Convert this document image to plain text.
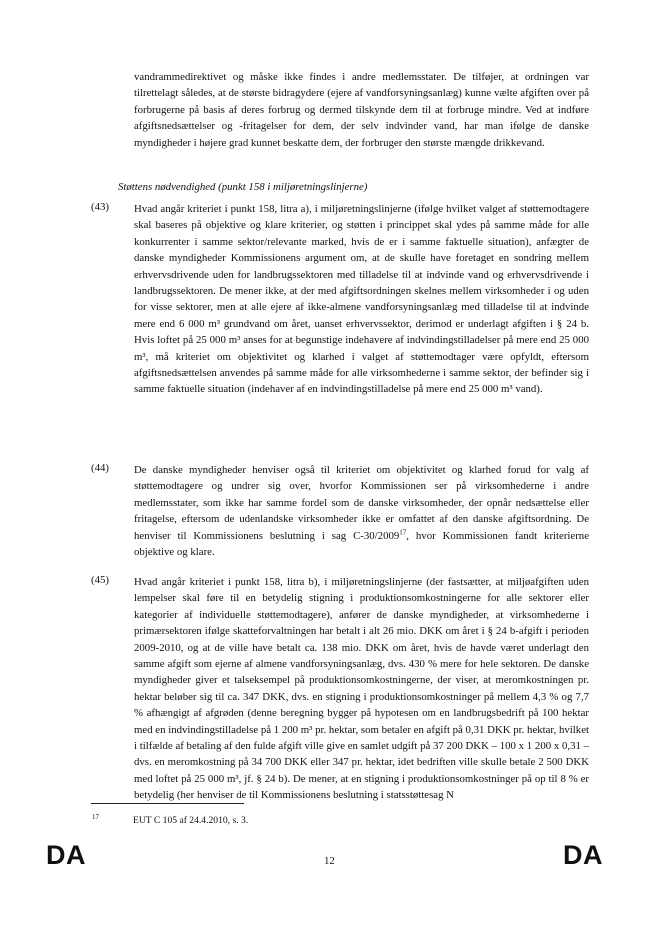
vandrammedirektivet og måske ikke findes i andre medlemsstater. De tilføjer, at ordningen var tilrettelagt således, at de største bidragydere (ejere af vandforsyningsanlæg) kunne vælte afgiften over på forbrugerne på basis af deres forbrug og dermed tilskynde dem til at forbruge mindre. Ved at indføre afgiftsnedsættelser og -fritagelser for dem, der selv indvinder vand, har man ifølge de danske myndigheder i højere grad kunnet beskatte dem, der forbruger den største mængde drikkevand.

Støttens nødvendighed (punkt 158 i miljøretningslinjerne)
(43) Hvad angår kriteriet i punkt 158, litra a), i miljøretningslinjerne (ifølge hvilket valget af støttemodtagere skal baseres på objektive og klare kriterier, og støtten i princippet skal ydes på samme måde for alle konkurrenter i samme sektor/relevante marked, hvis de er i samme faktuelle situation), anfægter de danske myndigheder Kommissionens argument om, at de skulle have foretaget en sondring mellem erhvervsdrivende uden for landbrugssektoren med tilladelse til at indvinde vand og erhvervsdrivende i landbrugssektoren. De mener ikke, at der med afgiftsordningen skelnes mellem virksomheder i og uden for visse sektorer, men at alle ejere af ikke-almene vandforsyningsanlæg med tilladelse til at indvinde mere end 6 000 m³ grundvand om året, uanset erhvervssektor, derimod er underlagt afgiften i § 24 b. Hvis loftet på 25 000 m³ anses for at begunstige indehavere af indvindingstilladelser på mere end 25 000 m³, må kriteriet om objektivitet og klarhed i valget af støttemodtager være opfyldt, eftersom afgiftsnedsættelsen anvendes på samme måde for alle virksomhederne i samme sektor, der befinder sig i samme faktuelle situation (indehaver af en indvindingstilladelse på mere end 25 000 m³ vand).

(44) De danske myndigheder henviser også til kriteriet om objektivitet og klarhed forud for valg af støttemodtagere og undrer sig over, hvorfor Kommissionen ser på virksomhederne i andre medlemsstater, som ikke har samme fordel som de danske virksomheder, der opnår nedsættelse eller fritagelse, eftersom de udenlandske virksomheder ikke er omfattet af den danske afgiftsordning. De henviser til Kommissionens beslutning i sag C-30/2009$^{17}$, hvor Kommissionen fandt kriterierne objektive og klare.

(45) Hvad angår kriteriet i punkt 158, litra b), i miljøretningslinjerne (der fastsætter, at miljøafgiften uden lempelser skal føre til en betydelig stigning i produktionsomkostningerne for alle sektorer eller kategorier af individuelle støttemodtagere), anfører de danske myndigheder, at virksomhederne i primærsektoren ifølge skatteforvaltningen har betalt i alt 26 mio. DKK om året i § 24 b-afgift i perioden 2009-2010, og at de ville have betalt ca. 138 mio. DKK om året, hvis de havde været underlagt den samme afgift som ejerne af almene vandforsyningsanlæg, dvs. 430 % mere for hele sektoren. De danske myndigheder giver et talseksempel på produktionsomkostningerne, der viser, at meromkostningen pr. hektar beløber sig til ca. 347 DKK, dvs. en stigning i produktionsomkostninger på mellem 4,3 % og 7,7 % afhængigt af afgrøden (denne beregning bygger på hypotesen om en landbrugsbedrift på 100 hektar med en indvindingstilladelse på 1 200 m³ pr. hektar, som betaler en afgift på 0,31 DKK pr. hektar, hvilket i tilfælde af betaling af den fulde afgift ville give en samlet udgift på 37 200 DKK – 100 x 1 200 x 0,31 – dvs. en meromkostning på 34 700 DKK eller 347 pr. hektar, idet bedriften ville skulle betale 2 500 DKK med loftet på 25 000 m³, jf. § 24 b). De mener, at en stigning i produktionsomkostninger på op til 8 % er betydelig (her henviser de til Kommissionens beslutning i statsstøttesag N

17	EUT C 105 af 24.4.2010, s. 3.
DA	12	DA
